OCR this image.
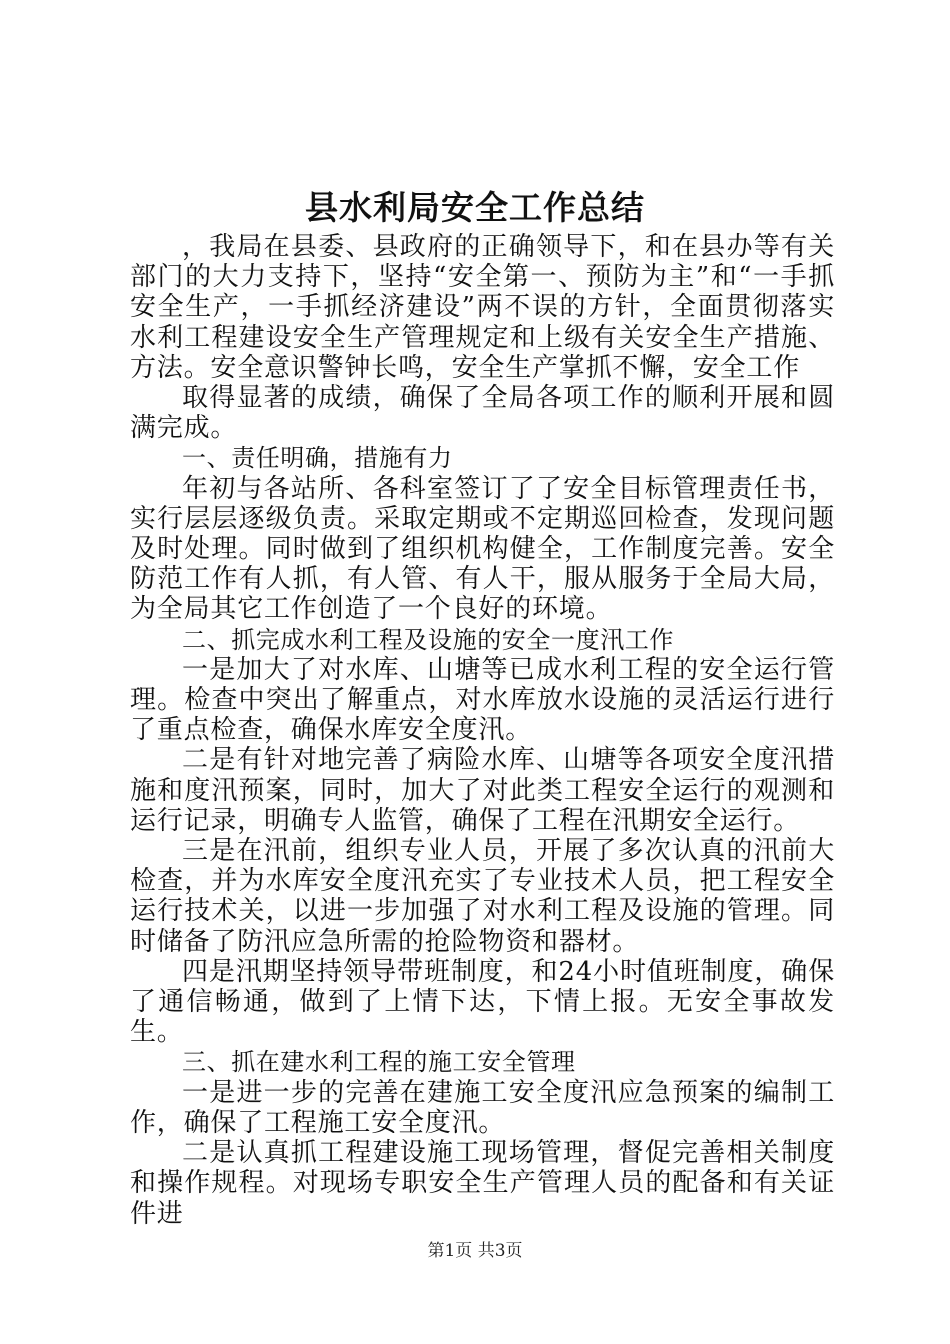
县水利局安全工作总结

，我局在县委、县政府的正确领导下，和在县办等有关部门的大力支持下，坚持“安全第一、预防为主”和“一手抓安全生产，一手抓经济建设”两不误的方针，全面贯彻落实水利工程建设安全生产管理规定和上级有关安全生产措施、方法。安全意识警钟长鸣，安全生产掌抓不懈，安全工作

取得显著的成绩，确保了全局各项工作的顺利开展和圆满完成。

一、责任明确，措施有力

年初与各站所、各科室签订了了安全目标管理责任书，实行层层逐级负责。采取定期或不定期巡回检查，发现问题及时处理。同时做到了组织机构健全，工作制度完善。安全防范工作有人抓，有人管、有人干，服从服务于全局大局，为全局其它工作创造了一个良好的环境。

二、抓完成水利工程及设施的安全一度汛工作

一是加大了对水库、山塘等已成水利工程的安全运行管理。检查中突出了解重点，对水库放水设施的灵活运行进行了重点检查，确保水库安全度汛。

二是有针对地完善了病险水库、山塘等各项安全度汛措施和度汛预案，同时，加大了对此类工程安全运行的观测和运行记录，明确专人监管，确保了工程在汛期安全运行。

三是在汛前，组织专业人员，开展了多次认真的汛前大检查，并为水库安全度汛充实了专业技术人员，把工程安全运行技术关，以进一步加强了对水利工程及设施的管理。同时储备了防汛应急所需的抢险物资和器材。

四是汛期坚持领导带班制度，和24小时值班制度，确保了通信畅通，做到了上情下达，下情上报。无安全事故发生。

三、抓在建水利工程的施工安全管理

一是进一步的完善在建施工安全度汛应急预案的编制工作，确保了工程施工安全度汛。

二是认真抓工程建设施工现场管理，督促完善相关制度和操作规程。对现场专职安全生产管理人员的配备和有关证件进

第1页 共3页
